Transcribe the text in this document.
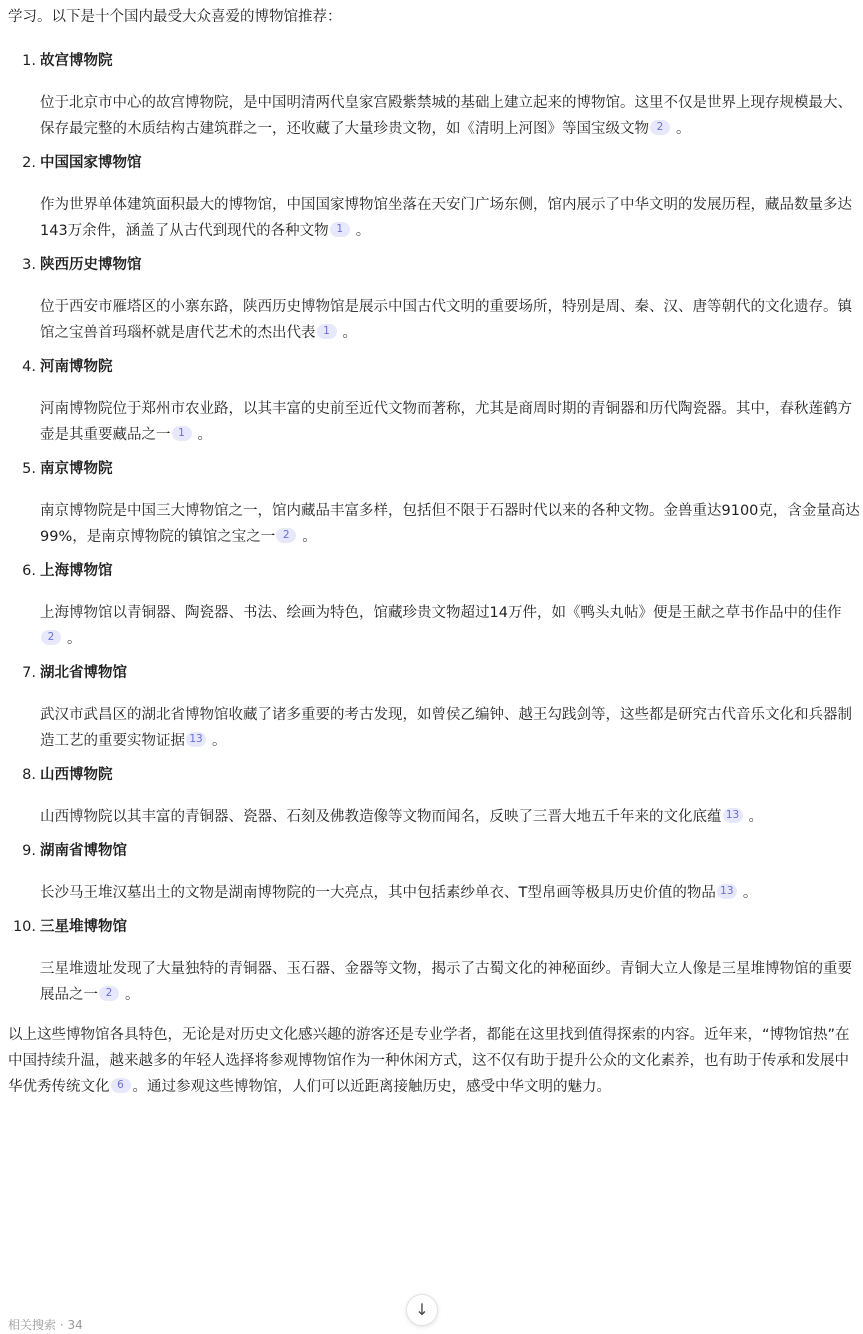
学习。以下是十个国内最受大众喜爱的博物馆推荐：

1. 故宫博物院
位于北京市中心的故宫博物院，是中国明清两代皇家宫殿紫禁城的基础上建立起来的博物馆。这里不仅是世界上现存规模最大、保存最完整的木质结构古建筑群之一，还收藏了大量珍贵文物，如《清明上河图》等国宝级文物 2 。
2. 中国国家博物馆
作为世界单体建筑面积最大的博物馆，中国国家博物馆坐落在天安门广场东侧，馆内展示了中华文明的发展历程，藏品数量多达143万余件，涵盖了从古代到现代的各种文物 1 。
3. 陕西历史博物馆
位于西安市雁塔区的小寨东路，陕西历史博物馆是展示中国古代文明的重要场所，特别是周、秦、汉、唐等朝代的文化遗存。镇馆之宝兽首玛瑙杯就是唐代艺术的杰出代表 1 。
4. 河南博物院
河南博物院位于郑州市农业路，以其丰富的史前至近代文物而著称，尤其是商周时期的青铜器和历代陶瓷器。其中，春秋莲鹤方壶是其重要藏品之一 1 。
5. 南京博物院
南京博物院是中国三大博物馆之一，馆内藏品丰富多样，包括但不限于石器时代以来的各种文物。金兽重达9100克，含金量高达99%，是南京博物院的镇馆之宝之一 2 。
6. 上海博物馆
上海博物馆以青铜器、陶瓷器、书法、绘画为特色，馆藏珍贵文物超过14万件，如《鸭头丸帖》便是王献之草书作品中的佳作2 。
7. 湖北省博物馆
武汉市武昌区的湖北省博物馆收藏了诸多重要的考古发现，如曾侯乙编钟、越王勾践剑等，这些都是研究古代音乐文化和兵器制造工艺的重要实物证据 13 。
8. 山西博物院
山西博物院以其丰富的青铜器、瓷器、石刻及佛教造像等文物而闻名，反映了三晋大地五千年来的文化底蕴 13 。
9. 湖南省博物馆
长沙马王堆汉墓出土的文物是湖南博物院的一大亮点，其中包括素纱单衣、T型帛画等极具历史价值的物品 13 。
10. 三星堆博物馆
三星堆遗址发现了大量独特的青铜器、玉石器、金器等文物，揭示了古蜀文化的神秘面纱。青铜大立人像是三星堆博物馆的重要展品之一 2 。

以上这些博物馆各具特色，无论是对历史文化感兴趣的游客还是专业学者，都能在这里找到值得探索的内容。近年来，“博物馆热”在中国持续升温，越来越多的年轻人选择将参观博物馆作为一种休闲方式，这不仅有助于提升公众的文化素养，也有助于传承和发展中华优秀传统文化 6 。通过参观这些博物馆，人们可以近距离接触历史，感受中华文明的魅力。

↓
相关搜索 · 34
